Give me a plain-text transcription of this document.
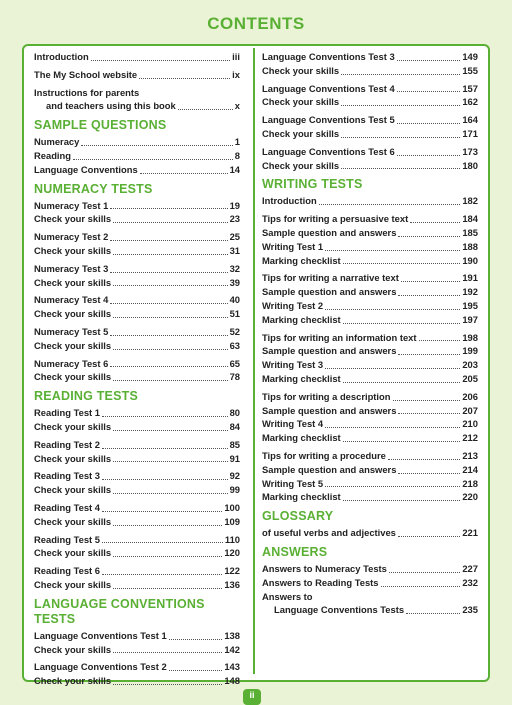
CONTENTS
Introduction	iii
The My School website	ix
Instructions for parents
and teachers using this book	x
SAMPLE QUESTIONS
Numeracy	1
Reading	8
Language Conventions	14
NUMERACY TESTS
Numeracy Test 1	19
Check your skills	23
Numeracy Test 2	25
Check your skills	31
Numeracy Test 3	32
Check your skills	39
Numeracy Test 4	40
Check your skills	51
Numeracy Test 5	52
Check your skills	63
Numeracy Test 6	65
Check your skills	78
READING TESTS
Reading Test 1	80
Check your skills	84
Reading Test 2	85
Check your skills	91
Reading Test 3	92
Check your skills	99
Reading Test 4	100
Check your skills	109
Reading Test 5	110
Check your skills	120
Reading Test 6	122
Check your skills	136
LANGUAGE CONVENTIONS TESTS
Language Conventions Test 1	138
Check your skills	142
Language Conventions Test 2	143
Check your skills	148
Language Conventions Test 3	149
Check your skills	155
Language Conventions Test 4	157
Check your skills	162
Language Conventions Test 5	164
Check your skills	171
Language Conventions Test 6	173
Check your skills	180
WRITING TESTS
Introduction	182
Tips for writing a persuasive text	184
Sample question and answers	185
Writing Test 1	188
Marking checklist	190
Tips for writing a narrative text	191
Sample question and answers	192
Writing Test 2	195
Marking checklist	197
Tips for writing an information text	198
Sample question and answers	199
Writing Test 3	203
Marking checklist	205
Tips for writing a description	206
Sample question and answers	207
Writing Test 4	210
Marking checklist	212
Tips for writing a procedure	213
Sample question and answers	214
Writing Test 5	218
Marking checklist	220
GLOSSARY
of useful verbs and adjectives	221
ANSWERS
Answers to Numeracy Tests	227
Answers to Reading Tests	232
Answers to
Language Conventions Tests	235
ii
